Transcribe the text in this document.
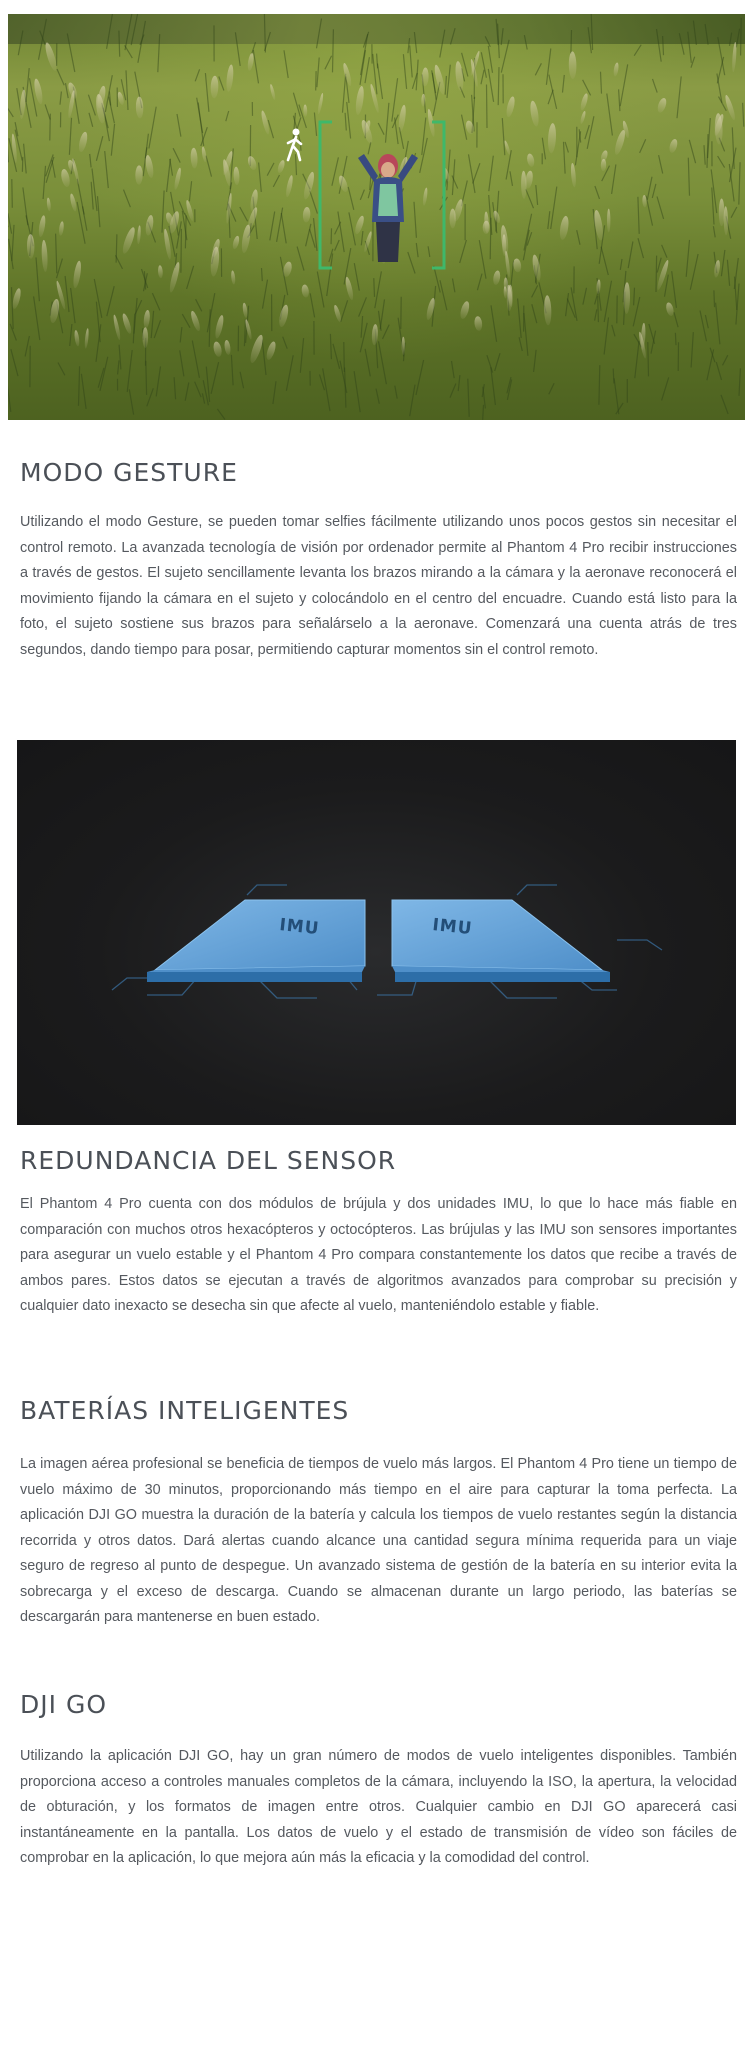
MODO GESTURE

Utilizando el modo Gesture, se pueden tomar selfies fácilmente utilizando unos pocos gestos sin necesitar el control remoto. La avanzada tecnología de visión por ordenador permite al Phantom 4 Pro recibir instrucciones a través de gestos. El sujeto sencillamente levanta los brazos mirando a la cámara y la aeronave reconocerá el movimiento fijando la cámara en el sujeto y colocándolo en el centro del encuadre. Cuando está listo para la foto, el sujeto sostiene sus brazos para señalárselo a la aeronave. Comenzará una cuenta atrás de tres segundos, dando tiempo para posar, permitiendo capturar momentos sin el control remoto.

IMU	IMU
REDUNDANCIA DEL SENSOR

El Phantom 4 Pro cuenta con dos módulos de brújula y dos unidades IMU, lo que lo hace más fiable en comparación con muchos otros hexacópteros y octocópteros. Las brújulas y las IMU son sensores importantes para asegurar un vuelo estable y el Phantom 4 Pro compara constantemente los datos que recibe a través de ambos pares. Estos datos se ejecutan a través de algoritmos avanzados para comprobar su precisión y cualquier dato inexacto se desecha sin que afecte al vuelo, manteniéndolo estable y fiable.

BATERÍAS INTELIGENTES

La imagen aérea profesional se beneficia de tiempos de vuelo más largos. El Phantom 4 Pro tiene un tiempo de vuelo máximo de 30 minutos, proporcionando más tiempo en el aire para capturar la toma perfecta. La aplicación DJI GO muestra la duración de la batería y calcula los tiempos de vuelo restantes según la distancia recorrida y otros datos. Dará alertas cuando alcance una cantidad segura mínima requerida para un viaje seguro de regreso al punto de despegue. Un avanzado sistema de gestión de la batería en su interior evita la sobrecarga y el exceso de descarga. Cuando se almacenan durante un largo periodo, las baterías se descargarán para mantenerse en buen estado.

DJI GO

Utilizando la aplicación DJI GO, hay un gran número de modos de vuelo inteligentes disponibles. También proporciona acceso a controles manuales completos de la cámara, incluyendo la ISO, la apertura, la velocidad de obturación, y los formatos de imagen entre otros. Cualquier cambio en DJI GO aparecerá casi instantáneamente en la pantalla. Los datos de vuelo y el estado de transmisión de vídeo son fáciles de comprobar en la aplicación, lo que mejora aún más la eficacia y la comodidad del control.
